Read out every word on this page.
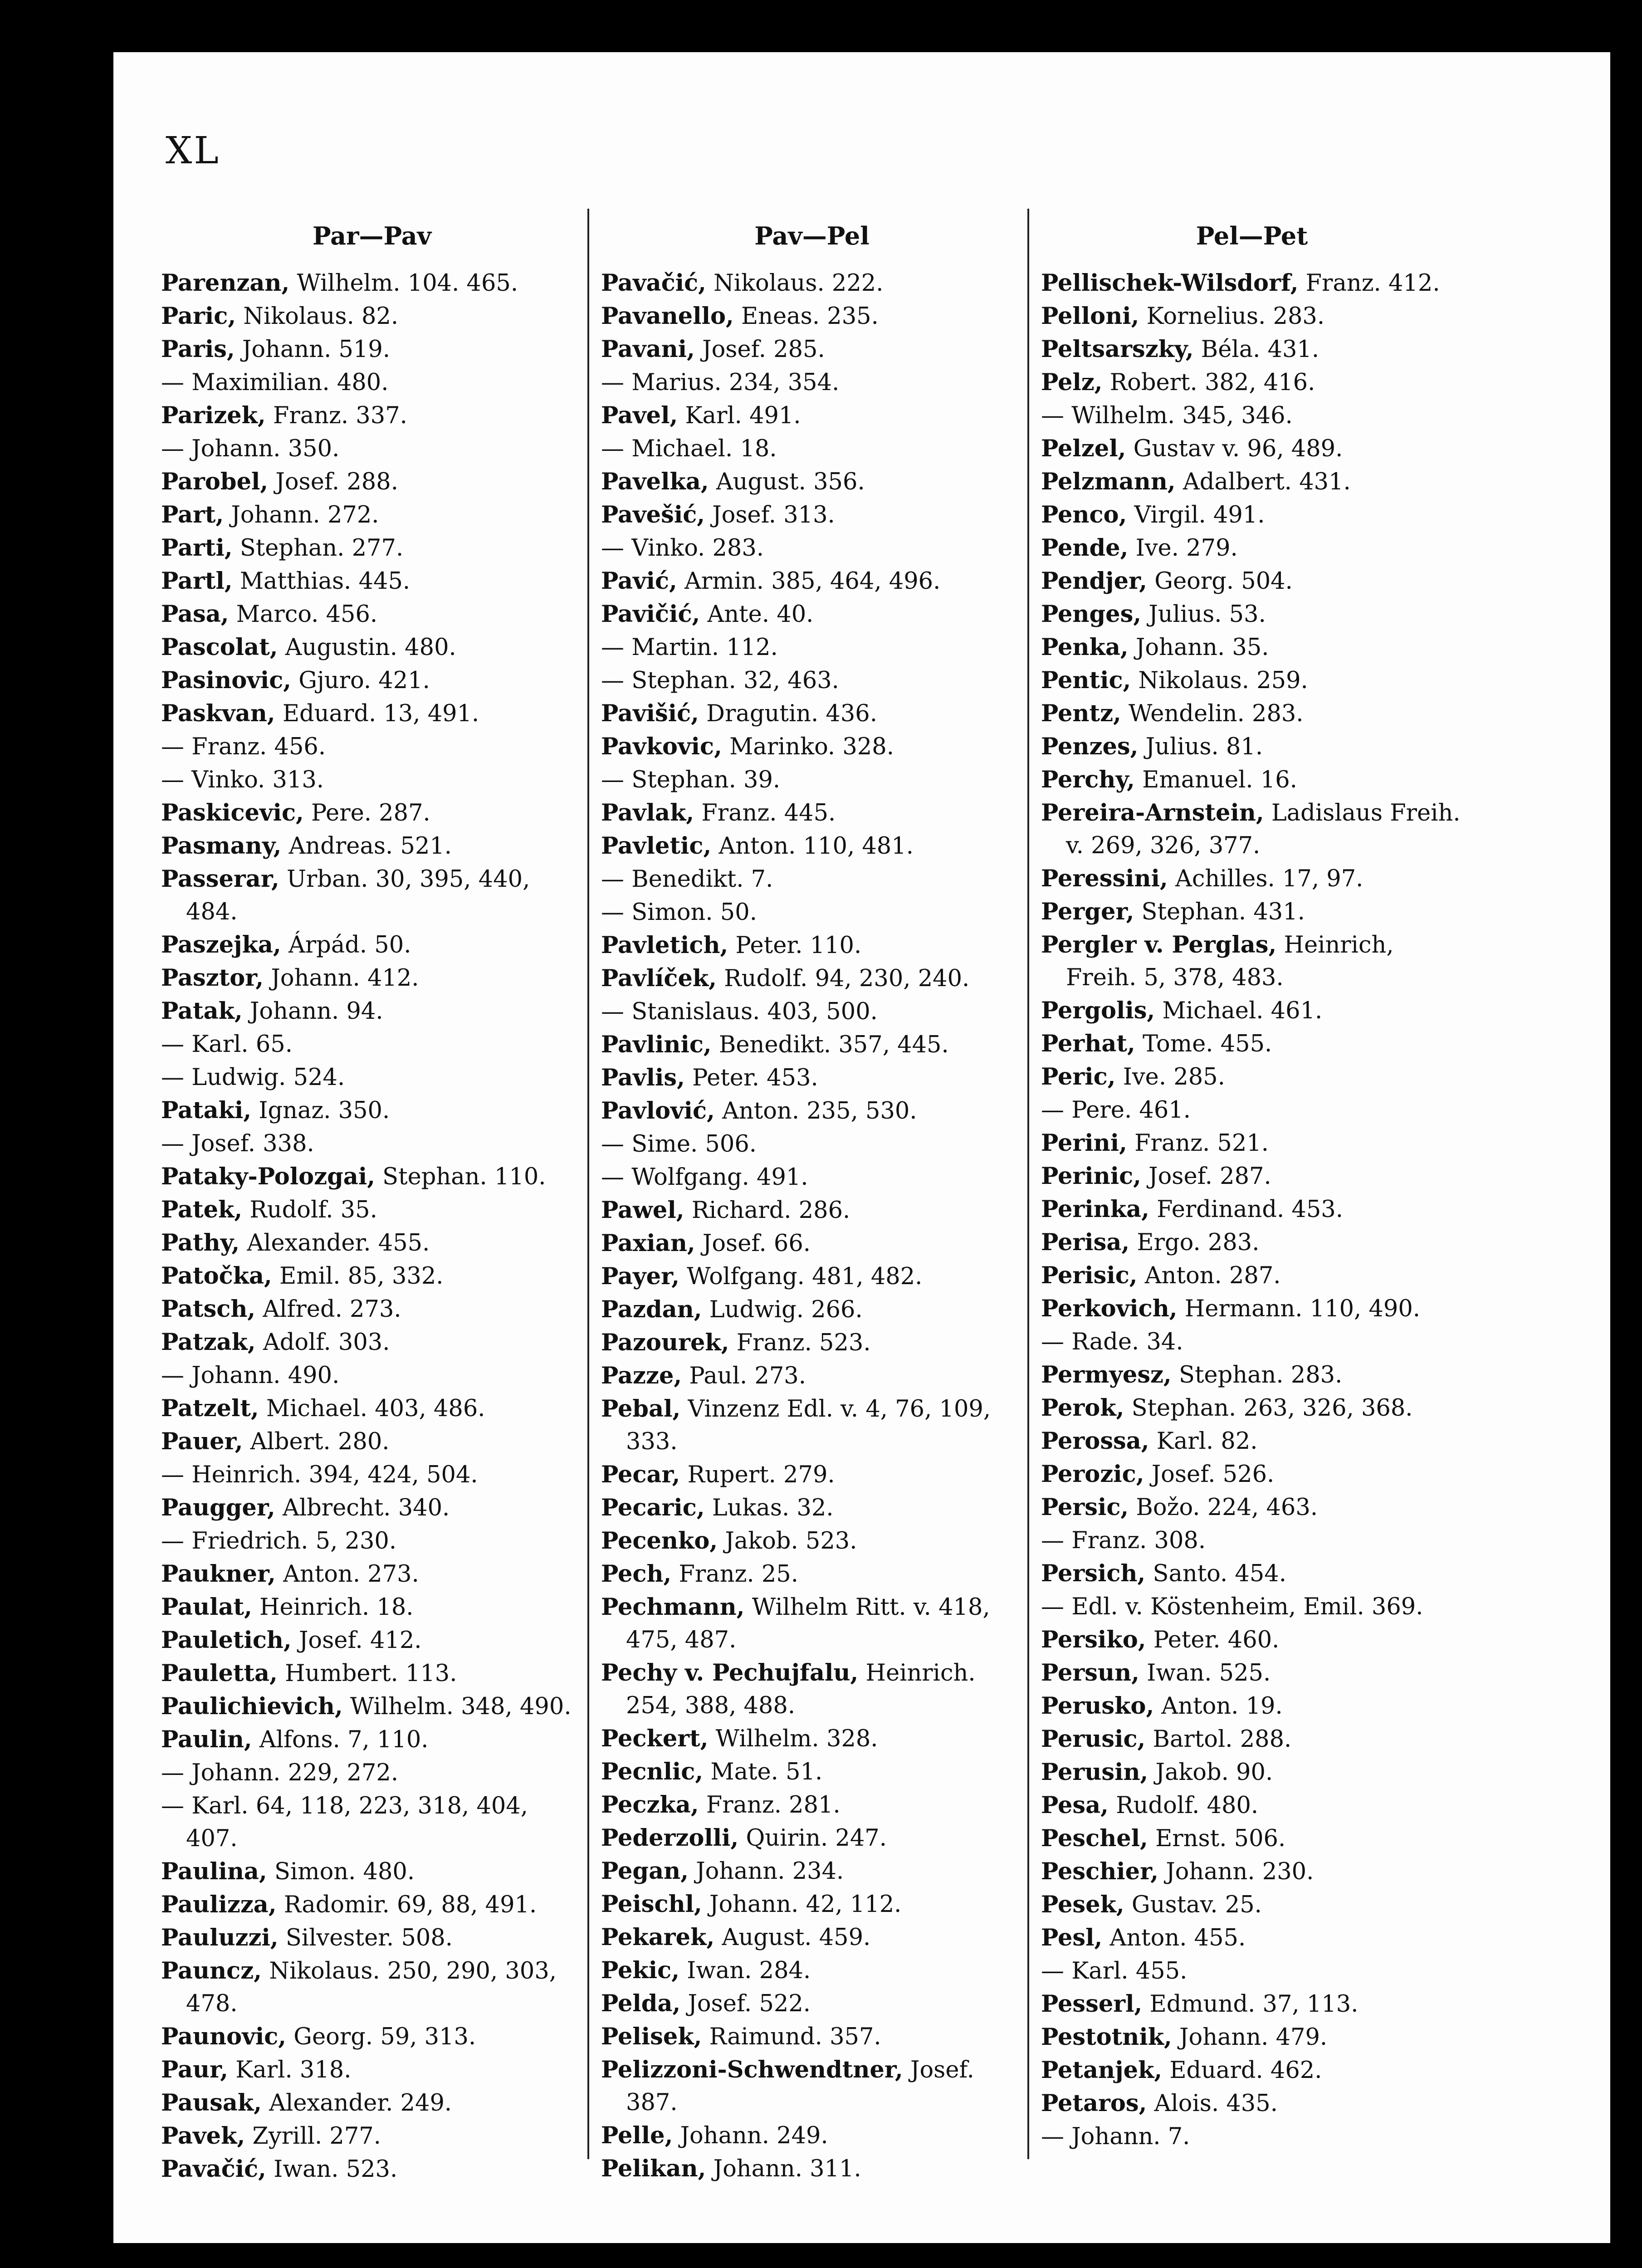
XL
Par—Pav
Parenzan, Wilhelm. 104. 465.
Paric, Nikolaus. 82.
Paris, Johann. 519.
— Maximilian. 480.
Parizek, Franz. 337.
— Johann. 350.
Parobel, Josef. 288.
Part, Johann. 272.
Parti, Stephan. 277.
Partl, Matthias. 445.
Pasa, Marco. 456.
Pascolat, Augustin. 480.
Pasinovic, Gjuro. 421.
Paskvan, Eduard. 13, 491.
— Franz. 456.
— Vinko. 313.
Paskicevic, Pere. 287.
Pasmany, Andreas. 521.
Passerar, Urban. 30, 395, 440, 484.
Paszejka, Árpád. 50.
Pasztor, Johann. 412.
Patak, Johann. 94.
— Karl. 65.
— Ludwig. 524.
Pataki, Ignaz. 350.
— Josef. 338.
Pataky-Polozgai, Stephan. 110.
Patek, Rudolf. 35.
Pathy, Alexander. 455.
Patočka, Emil. 85, 332.
Patsch, Alfred. 273.
Patzak, Adolf. 303.
— Johann. 490.
Patzelt, Michael. 403, 486.
Pauer, Albert. 280.
— Heinrich. 394, 424, 504.
Paugger, Albrecht. 340.
— Friedrich. 5, 230.
Paukner, Anton. 273.
Paulat, Heinrich. 18.
Pauletich, Josef. 412.
Pauletta, Humbert. 113.
Paulichievich, Wilhelm. 348, 490.
Paulin, Alfons. 7, 110.
— Johann. 229, 272.
— Karl. 64, 118, 223, 318, 404, 407.
Paulina, Simon. 480.
Paulizza, Radomir. 69, 88, 491.
Pauluzzi, Silvester. 508.
Pauncz, Nikolaus. 250, 290, 303, 478.
Paunovic, Georg. 59, 313.
Paur, Karl. 318.
Pausak, Alexander. 249.
Pavek, Zyrill. 277.
Pavačić, Iwan. 523.
Pav—Pel
Pavačić, Nikolaus. 222.
Pavanello, Eneas. 235.
Pavani, Josef. 285.
— Marius. 234, 354.
Pavel, Karl. 491.
— Michael. 18.
Pavelka, August. 356.
Pavešić, Josef. 313.
— Vinko. 283.
Pavić, Armin. 385, 464, 496.
Pavičić, Ante. 40.
— Martin. 112.
— Stephan. 32, 463.
Pavišić, Dragutin. 436.
Pavkovic, Marinko. 328.
— Stephan. 39.
Pavlak, Franz. 445.
Pavletic, Anton. 110, 481.
— Benedikt. 7.
— Simon. 50.
Pavletich, Peter. 110.
Pavlíček, Rudolf. 94, 230, 240.
— Stanislaus. 403, 500.
Pavlinic, Benedikt. 357, 445.
Pavlis, Peter. 453.
Pavlović, Anton. 235, 530.
— Sime. 506.
— Wolfgang. 491.
Pawel, Richard. 286.
Paxian, Josef. 66.
Payer, Wolfgang. 481, 482.
Pazdan, Ludwig. 266.
Pazourek, Franz. 523.
Pazze, Paul. 273.
Pebal, Vinzenz Edl. v. 4, 76, 109, 333.
Pecar, Rupert. 279.
Pecaric, Lukas. 32.
Pecenko, Jakob. 523.
Pech, Franz. 25.
Pechmann, Wilhelm Ritt. v. 418, 475, 487.
Pechy v. Pechujfalu, Heinrich. 254, 388, 488.
Peckert, Wilhelm. 328.
Pecnlic, Mate. 51.
Peczka, Franz. 281.
Pederzolli, Quirin. 247.
Pegan, Johann. 234.
Peischl, Johann. 42, 112.
Pekarek, August. 459.
Pekic, Iwan. 284.
Pelda, Josef. 522.
Pelisek, Raimund. 357.
Pelizzoni-Schwendtner, Josef. 387.
Pelle, Johann. 249.
Pelikan, Johann. 311.
Pel—Pet
Pellischek-Wilsdorf, Franz. 412.
Pelloni, Kornelius. 283.
Peltsarszky, Béla. 431.
Pelz, Robert. 382, 416.
— Wilhelm. 345, 346.
Pelzel, Gustav v. 96, 489.
Pelzmann, Adalbert. 431.
Penco, Virgil. 491.
Pende, Ive. 279.
Pendjer, Georg. 504.
Penges, Julius. 53.
Penka, Johann. 35.
Pentic, Nikolaus. 259.
Pentz, Wendelin. 283.
Penzes, Julius. 81.
Perchy, Emanuel. 16.
Pereira-Arnstein, Ladislaus Freih. v. 269, 326, 377.
Peressini, Achilles. 17, 97.
Perger, Stephan. 431.
Pergler v. Perglas, Heinrich, Freih. 5, 378, 483.
Pergolis, Michael. 461.
Perhat, Tome. 455.
Peric, Ive. 285.
— Pere. 461.
Perini, Franz. 521.
Perinic, Josef. 287.
Perinka, Ferdinand. 453.
Perisa, Ergo. 283.
Perisic, Anton. 287.
Perkovich, Hermann. 110, 490.
— Rade. 34.
Permyesz, Stephan. 283.
Perok, Stephan. 263, 326, 368.
Perossa, Karl. 82.
Perozic, Josef. 526.
Persic, Božo. 224, 463.
— Franz. 308.
Persich, Santo. 454.
— Edl. v. Köstenheim, Emil. 369.
Persiko, Peter. 460.
Persun, Iwan. 525.
Perusko, Anton. 19.
Perusic, Bartol. 288.
Perusin, Jakob. 90.
Pesa, Rudolf. 480.
Peschel, Ernst. 506.
Peschier, Johann. 230.
Pesek, Gustav. 25.
Pesl, Anton. 455.
— Karl. 455.
Pesserl, Edmund. 37, 113.
Pestotnik, Johann. 479.
Petanjek, Eduard. 462.
Petaros, Alois. 435.
— Johann. 7.
